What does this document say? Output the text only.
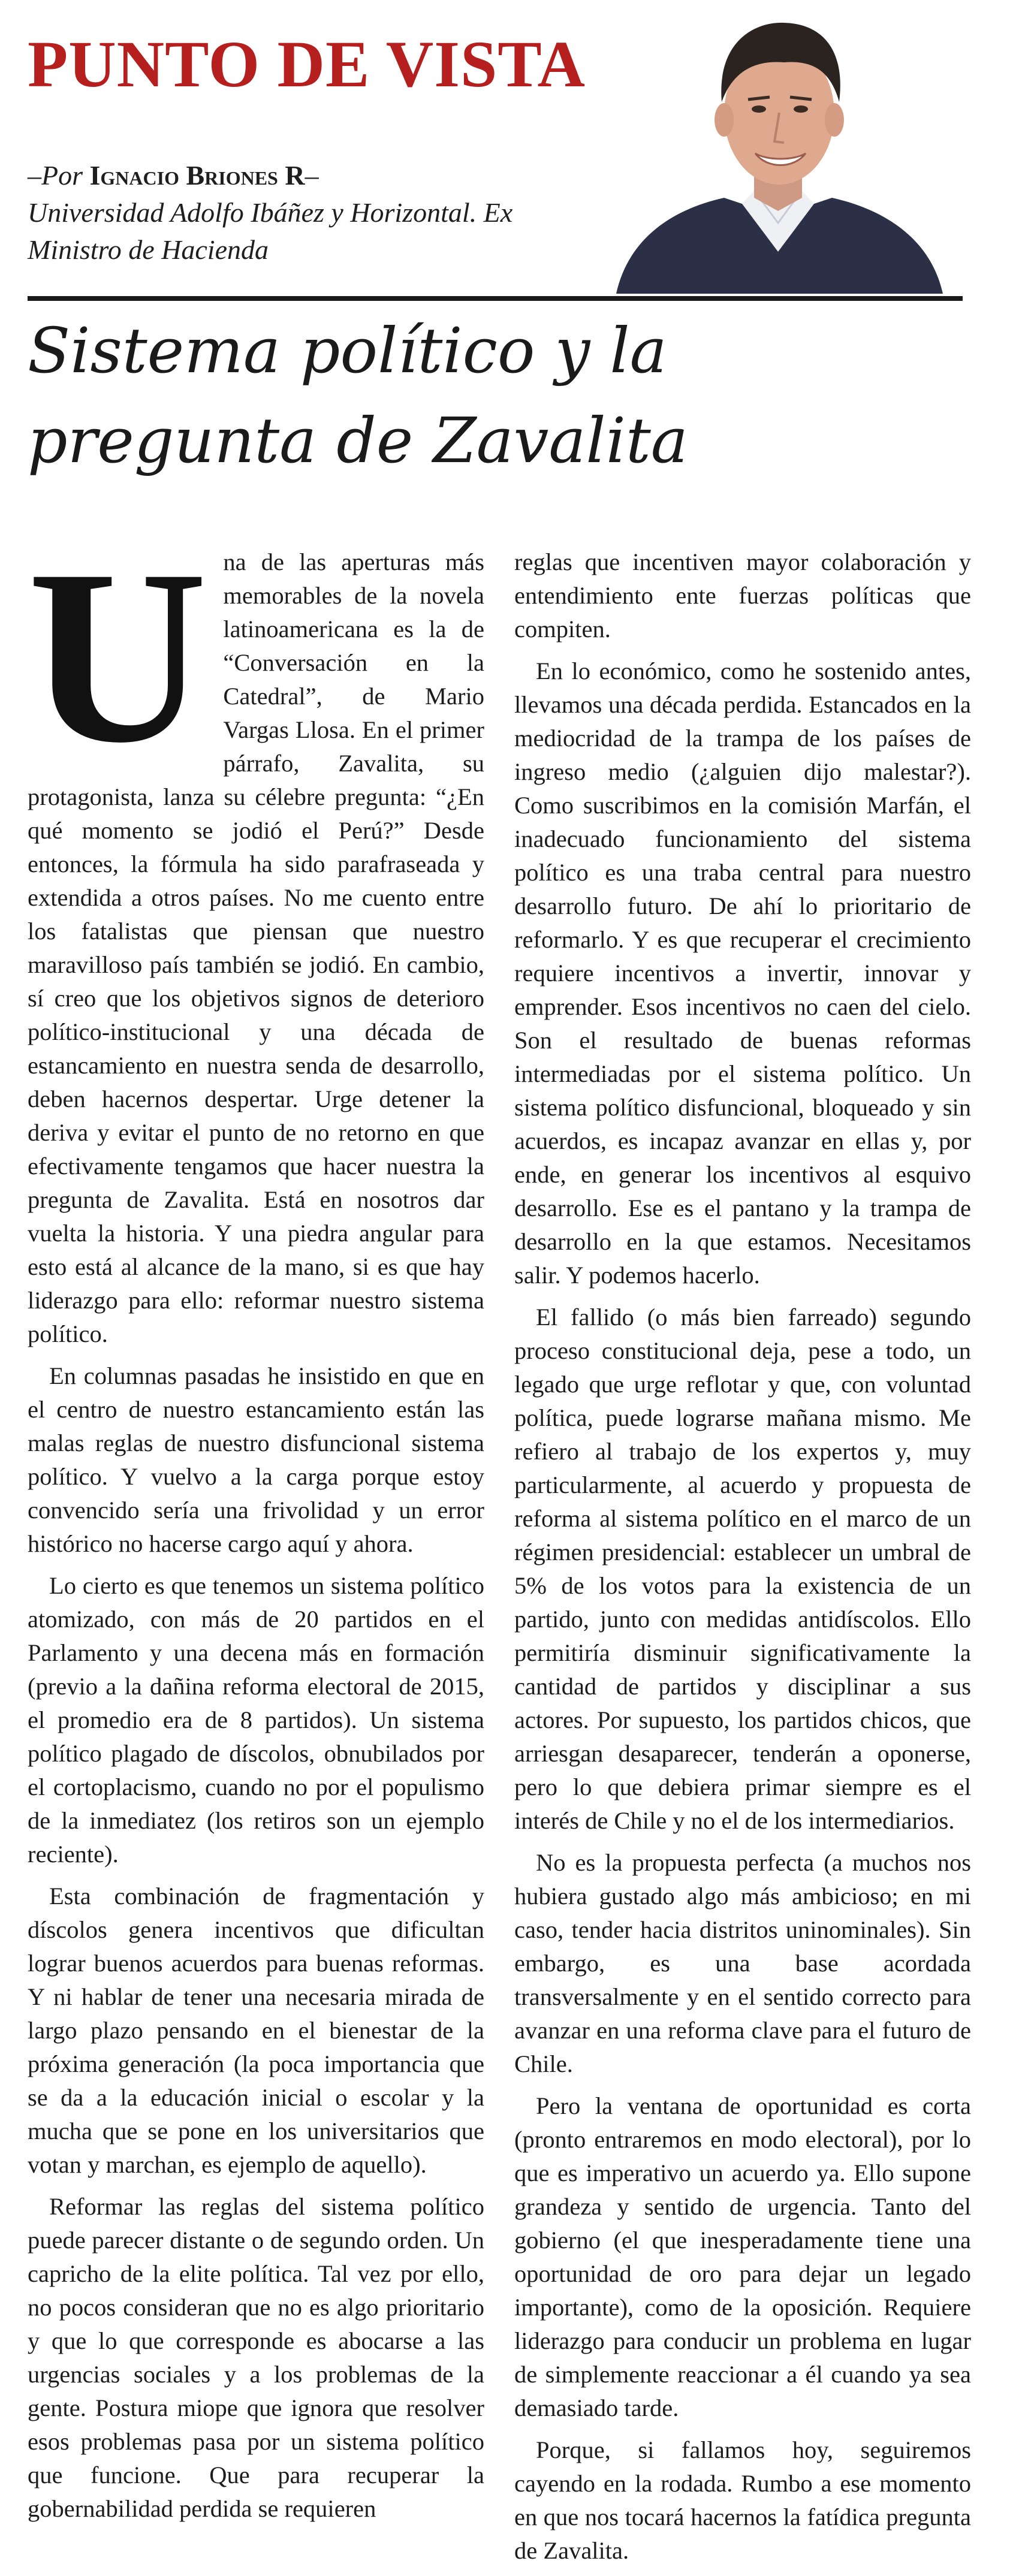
PUNTO DE VISTA
–Por Ignacio Briones R–
Universidad Adolfo Ibáñez y Horizontal. Ex Ministro de Hacienda
Sistema político y la pregunta de Zavalita

Una de las aperturas más memorables de la novela latinoamericana es la de “Conversación en la Catedral”, de Mario Vargas Llosa. En el primer párrafo, Zavalita, su protagonista, lanza su célebre pregunta: “¿En qué momento se jodió el Perú?” Desde entonces, la fórmula ha sido parafraseada y extendida a otros países. No me cuento entre los fatalistas que piensan que nuestro maravilloso país también se jodió. En cambio, sí creo que los objetivos signos de deterioro político-institucional y una década de estancamiento en nuestra senda de desarrollo, deben hacernos despertar. Urge detener la deriva y evitar el punto de no retorno en que efectivamente tengamos que hacer nuestra la pregunta de Zavalita. Está en nosotros dar vuelta la historia. Y una piedra angular para esto está al alcance de la mano, si es que hay liderazgo para ello: reformar nuestro sistema político.

En columnas pasadas he insistido en que en el centro de nuestro estancamiento están las malas reglas de nuestro disfuncional sistema político. Y vuelvo a la carga porque estoy convencido sería una frivolidad y un error histórico no hacerse cargo aquí y ahora.

Lo cierto es que tenemos un sistema político atomizado, con más de 20 partidos en el Parlamento y una decena más en formación (previo a la dañina reforma electoral de 2015, el promedio era de 8 partidos). Un sistema político plagado de díscolos, obnubilados por el cortoplacismo, cuando no por el populismo de la inmediatez (los retiros son un ejemplo reciente).

Esta combinación de fragmentación y díscolos genera incentivos que dificultan lograr buenos acuerdos para buenas reformas. Y ni hablar de tener una necesaria mirada de largo plazo pensando en el bienestar de la próxima generación (la poca importancia que se da a la educación inicial o escolar y la mucha que se pone en los universitarios que votan y marchan, es ejemplo de aquello).

Reformar las reglas del sistema político puede parecer distante o de segundo orden. Un capricho de la elite política. Tal vez por ello, no pocos consideran que no es algo prioritario y que lo que corresponde es abocarse a las urgencias sociales y a los problemas de la gente. Postura miope que ignora que resolver esos problemas pasa por un sistema político que funcione. Que para recuperar la gobernabilidad perdida se requieren

reglas que incentiven mayor colaboración y entendimiento ente fuerzas políticas que compiten.

En lo económico, como he sostenido antes, llevamos una década perdida. Estancados en la mediocridad de la trampa de los países de ingreso medio (¿alguien dijo malestar?). Como suscribimos en la comisión Marfán, el inadecuado funcionamiento del sistema político es una traba central para nuestro desarrollo futuro. De ahí lo prioritario de reformarlo. Y es que recuperar el crecimiento requiere incentivos a invertir, innovar y emprender. Esos incentivos no caen del cielo. Son el resultado de buenas reformas intermediadas por el sistema político. Un sistema político disfuncional, bloqueado y sin acuerdos, es incapaz avanzar en ellas y, por ende, en generar los incentivos al esquivo desarrollo. Ese es el pantano y la trampa de desarrollo en la que estamos. Necesitamos salir. Y podemos hacerlo.

El fallido (o más bien farreado) segundo proceso constitucional deja, pese a todo, un legado que urge reflotar y que, con voluntad política, puede lograrse mañana mismo. Me refiero al trabajo de los expertos y, muy particularmente, al acuerdo y propuesta de reforma al sistema político en el marco de un régimen presidencial: establecer un umbral de 5% de los votos para la existencia de un partido, junto con medidas antidíscolos. Ello permitiría disminuir significativamente la cantidad de partidos y disciplinar a sus actores. Por supuesto, los partidos chicos, que arriesgan desaparecer, tenderán a oponerse, pero lo que debiera primar siempre es el interés de Chile y no el de los intermediarios.

No es la propuesta perfecta (a muchos nos hubiera gustado algo más ambicioso; en mi caso, tender hacia distritos uninominales). Sin embargo, es una base acordada transversalmente y en el sentido correcto para avanzar en una reforma clave para el futuro de Chile.

Pero la ventana de oportunidad es corta (pronto entraremos en modo electoral), por lo que es imperativo un acuerdo ya. Ello supone grandeza y sentido de urgencia. Tanto del gobierno (el que inesperadamente tiene una oportunidad de oro para dejar un legado importante), como de la oposición. Requiere liderazgo para conducir un problema en lugar de simplemente reaccionar a él cuando ya sea demasiado tarde.

Porque, si fallamos hoy, seguiremos cayendo en la rodada. Rumbo a ese momento en que nos tocará hacernos la fatídica pregunta de Zavalita.
